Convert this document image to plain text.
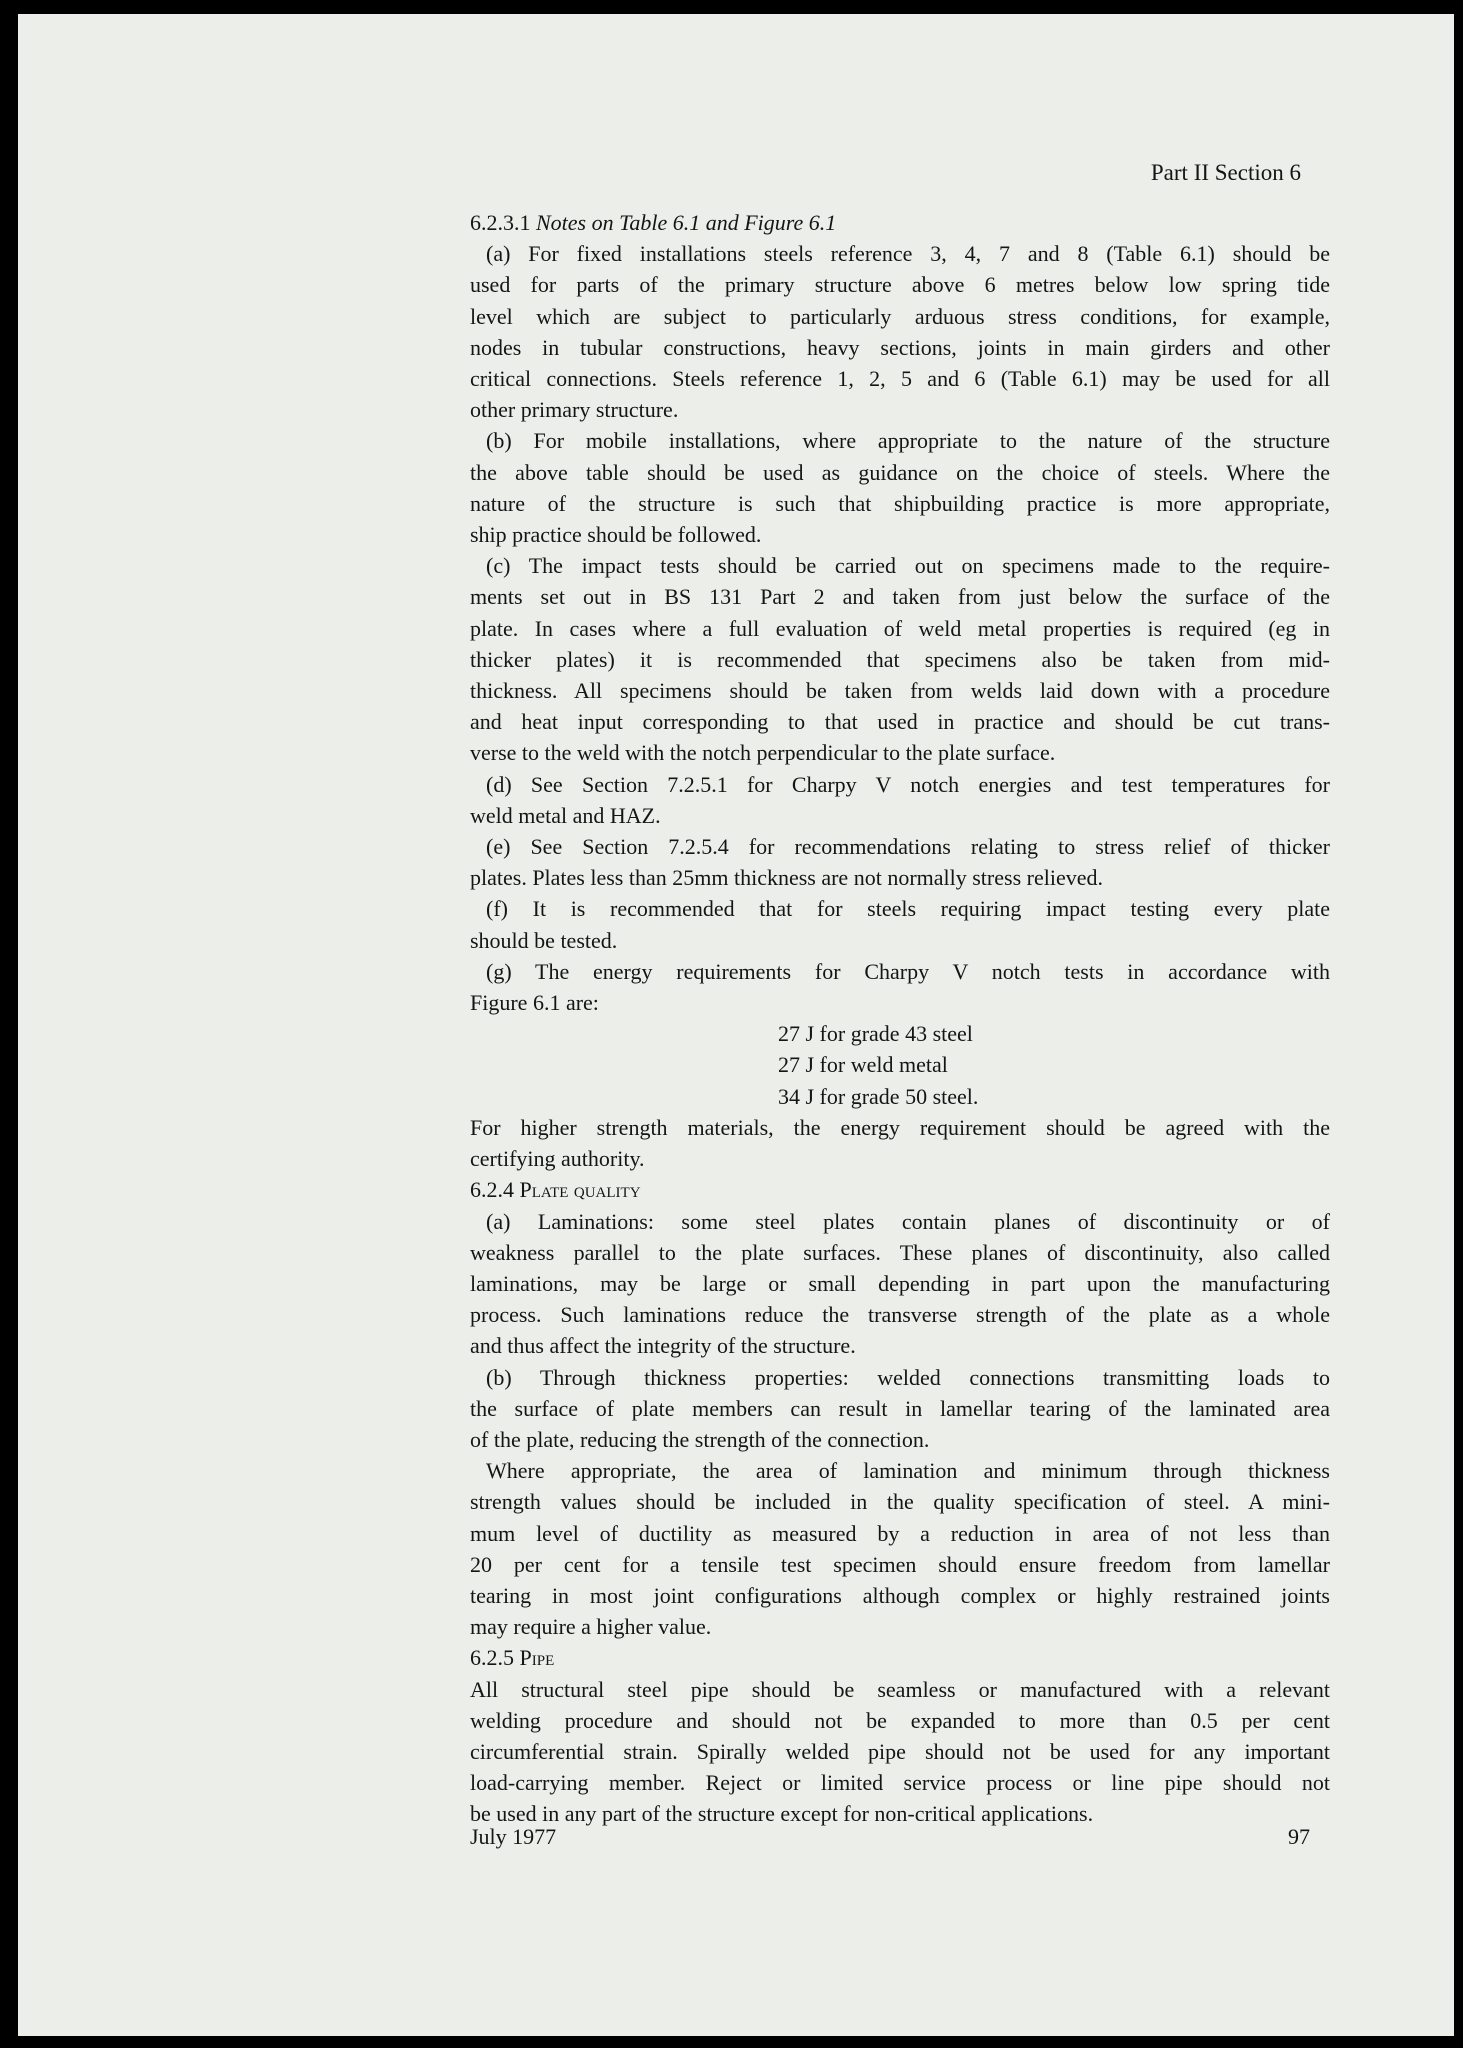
Part II Section 6
6.2.3.1 Notes on Table 6.1 and Figure 6.1
(a) For fixed installations steels reference 3, 4, 7 and 8 (Table 6.1) should be
used for parts of the primary structure above 6 metres below low spring tide
level which are subject to particularly arduous stress conditions, for example,
nodes in tubular constructions, heavy sections, joints in main girders and other
critical connections. Steels reference 1, 2, 5 and 6 (Table 6.1) may be used for all
other primary structure.
(b) For mobile installations, where appropriate to the nature of the structure
the above table should be used as guidance on the choice of steels. Where the
nature of the structure is such that shipbuilding practice is more appropriate,
ship practice should be followed.
(c) The impact tests should be carried out on specimens made to the require-
ments set out in BS 131 Part 2 and taken from just below the surface of the
plate. In cases where a full evaluation of weld metal properties is required (eg in
thicker plates) it is recommended that specimens also be taken from mid-
thickness. All specimens should be taken from welds laid down with a procedure
and heat input corresponding to that used in practice and should be cut trans-
verse to the weld with the notch perpendicular to the plate surface.
(d) See Section 7.2.5.1 for Charpy V notch energies and test temperatures for
weld metal and HAZ.
(e) See Section 7.2.5.4 for recommendations relating to stress relief of thicker
plates. Plates less than 25mm thickness are not normally stress relieved.
(f) It is recommended that for steels requiring impact testing every plate
should be tested.
(g) The energy requirements for Charpy V notch tests in accordance with
Figure 6.1 are:
27 J for grade 43 steel
27 J for weld metal
34 J for grade 50 steel.
For higher strength materials, the energy requirement should be agreed with the
certifying authority.
6.2.4 Plate quality
(a) Laminations: some steel plates contain planes of discontinuity or of
weakness parallel to the plate surfaces. These planes of discontinuity, also called
laminations, may be large or small depending in part upon the manufacturing
process. Such laminations reduce the transverse strength of the plate as a whole
and thus affect the integrity of the structure.
(b) Through thickness properties: welded connections transmitting loads to
the surface of plate members can result in lamellar tearing of the laminated area
of the plate, reducing the strength of the connection.
Where appropriate, the area of lamination and minimum through thickness
strength values should be included in the quality specification of steel. A mini-
mum level of ductility as measured by a reduction in area of not less than
20 per cent for a tensile test specimen should ensure freedom from lamellar
tearing in most joint configurations although complex or highly restrained joints
may require a higher value.
6.2.5 Pipe
All structural steel pipe should be seamless or manufactured with a relevant
welding procedure and should not be expanded to more than 0.5 per cent
circumferential strain. Spirally welded pipe should not be used for any important
load-carrying member. Reject or limited service process or line pipe should not
be used in any part of the structure except for non-critical applications.
July 1977	97
